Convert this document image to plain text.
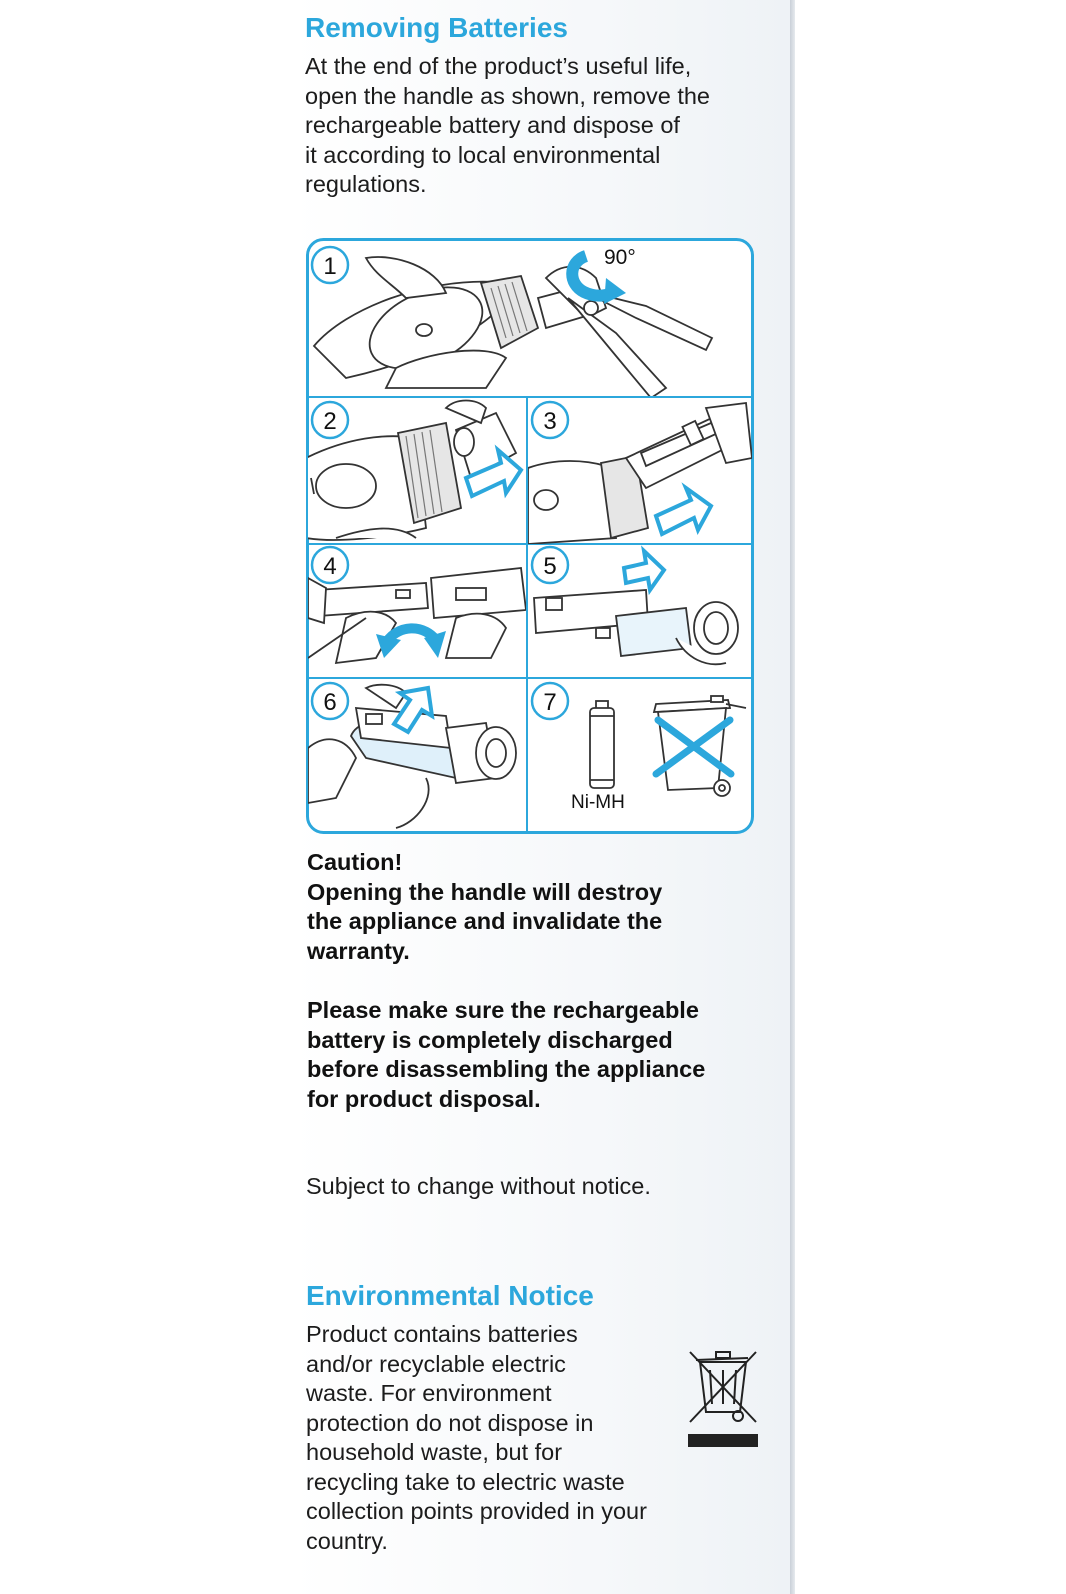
Removing Batteries

At the end of the product’s useful life,
open the handle as shown, remove the
rechargeable battery and dispose of
it according to local environmental
regulations.

90°
Ni-MH
1
2	3
4	5
6	7

Caution!
Opening the handle will destroy
the appliance and invalidate the
warranty.

Please make sure the rechargeable
battery is completely discharged
before disassembling the appliance
for product disposal.

Subject to change without notice.

Environmental Notice

Product contains batteries
and/or recyclable electric
waste. For environment
protection do not dispose in
household waste, but for
recycling take to electric waste
collection points provided in your
country.
